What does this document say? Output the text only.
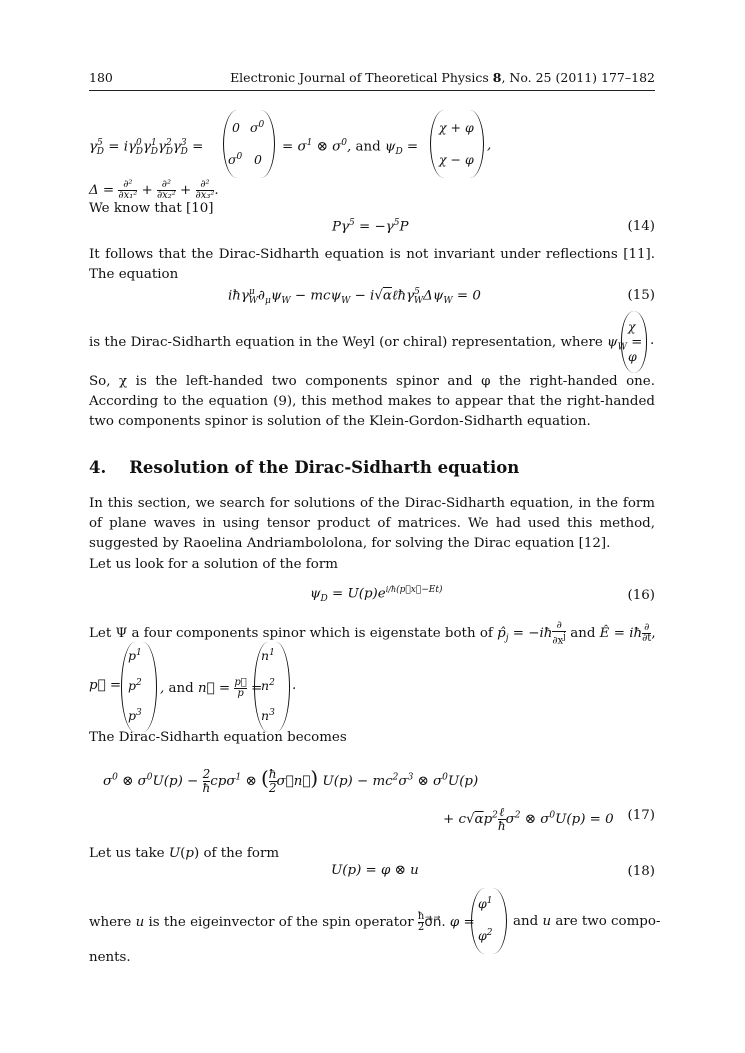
180	Electronic Journal of Theoretical Physics 8, No. 25 (2011) 177–182
$\gamma^5_D = i\gamma^0_D\gamma^1_D\gamma^2_D\gamma^3_D$ =
0 $\sigma^0$
$\sigma^0$ 0
= $\sigma^1$ ⊗ $\sigma^0$, and $\psi_D$ =
χ + φ
χ − φ
,
$\Delta = \frac{\text{∂²}}{\text{∂x₁²}} + \frac{\text{∂²}}{\text{∂x₂²}} + \frac{\text{∂²}}{\text{∂x₃²}}$ .
We know that [10]
$P\gamma^5 = -\gamma^5P$	(14)
It follows that the Dirac-Sidharth equation is not invariant under reflections [11]. The equation
$iħ\gamma^\mu_W\partial_\mu\psi_W - mc\psi_W$ − $i√\alpha\ell ħ\gamma^5_W\Delta\psi_W = 0$	(15)
is the Dirac-Sidharth equation in the Weyl (or chiral) representation, where $\psi_W$ =
χ
φ
.
So, χ is the left-handed two components spinor and φ the right-handed one. According to the equation (9), this method makes to appear that the right-handed two components spinor is solution of the Klein-Gordon-Sidharth equation.
4. Resolution of the Dirac-Sidharth equation
In this section, we search for solutions of the Dirac-Sidharth equation, in the form of plane waves in using tensor product of matrices. We had used this method, suggested by Raoelina Andriambololona, for solving the Dirac equation [12].
Let us look for a solution of the form
$\psi_D = U(p)e^{i/ħ(p⃗x⃗-Et)}$	(16)
Let Ψ a four components spinor which is eigenstate both of $p̂_j$ = −iħ $\frac{\partial}{\partial x^j}$ and Ê = iħ $\frac{\partial}{\partial t}$ ,
p⃗ =
$p^1$
$p^2$
$p^3$
, and n⃗ = $\frac{p⃗}{p}$ =
$n^1$
$n^2$
$n^3$
.
The Dirac-Sidharth equation becomes
$\sigma^0$ ⊗ $\sigma^0U(p) - \frac{2}{ħ} cp\sigma^1$ ⊗ ( $\frac{ħ}{2}$ σ⃗n⃗) $U(p) - mc^2\sigma^3$ ⊗ $\sigma^0U(p)$
+ $c√\alpha p^2 \frac{\text{ℓ}}{ħ} \sigma^2$ ⊗ $\sigma^0U(p) = 0$ (17)
Let us take U(p) of the form
U(p) = φ ⊗ u	(18)
where u is the eigeinvector of the spin operator $\frac{ħ}{2}$ σ⃗n⃗. φ =
$\varphi^1$
$\varphi^2$
and u are two compo-
nents.
